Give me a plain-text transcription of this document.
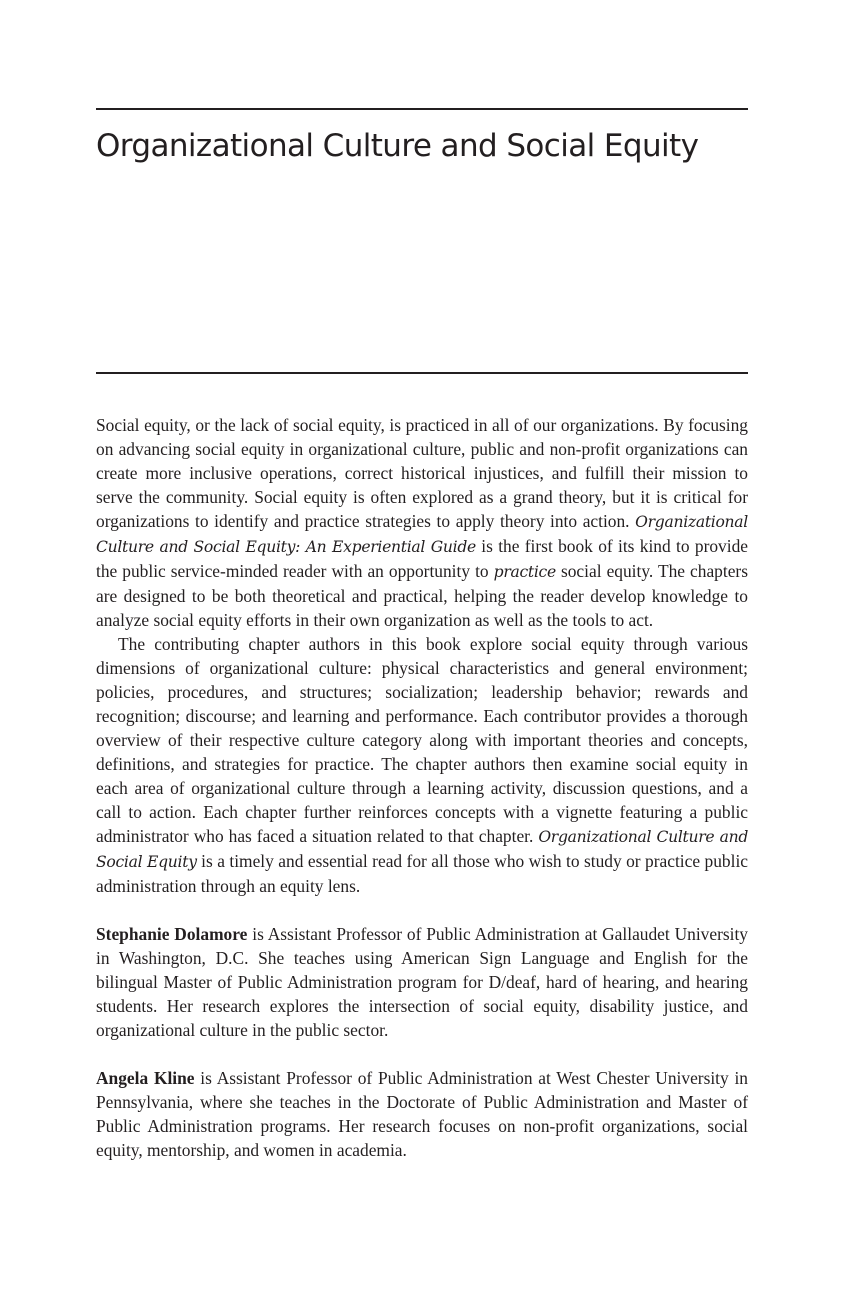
Organizational Culture and Social Equity

Social equity, or the lack of social equity, is practiced in all of our organizations. By focusing on advancing social equity in organizational culture, public and non-profit organizations can create more inclusive operations, correct historical injustices, and fulfill their mission to serve the community. Social equity is often explored as a grand theory, but it is critical for organizations to identify and practice strategies to apply theory into action. Organizational Culture and Social Equity: An Experiential Guide is the first book of its kind to provide the public service-minded reader with an opportunity to practice social equity. The chapters are designed to be both theoretical and practical, helping the reader develop knowledge to analyze social equity efforts in their own organization as well as the tools to act.

The contributing chapter authors in this book explore social equity through various dimensions of organizational culture: physical characteristics and general environment; policies, procedures, and structures; socialization; leadership behavior; rewards and recognition; discourse; and learning and performance. Each contributor provides a thorough overview of their respective culture category along with important theories and concepts, definitions, and strategies for practice. The chapter authors then examine social equity in each area of organizational culture through a learning activity, discussion questions, and a call to action. Each chapter further reinforces concepts with a vignette featuring a public administrator who has faced a situation related to that chapter. Organizational Culture and Social Equity is a timely and essential read for all those who wish to study or practice public administration through an equity lens.

Stephanie Dolamore is Assistant Professor of Public Administration at Gallaudet University in Washington, D.C. She teaches using American Sign Language and English for the bilingual Master of Public Administration program for D/deaf, hard of hearing, and hearing students. Her research explores the intersection of social equity, disability justice, and organizational culture in the public sector.

Angela Kline is Assistant Professor of Public Administration at West Chester University in Pennsylvania, where she teaches in the Doctorate of Public Administration and Master of Public Administration programs. Her research focuses on non-profit organizations, social equity, mentorship, and women in academia.
